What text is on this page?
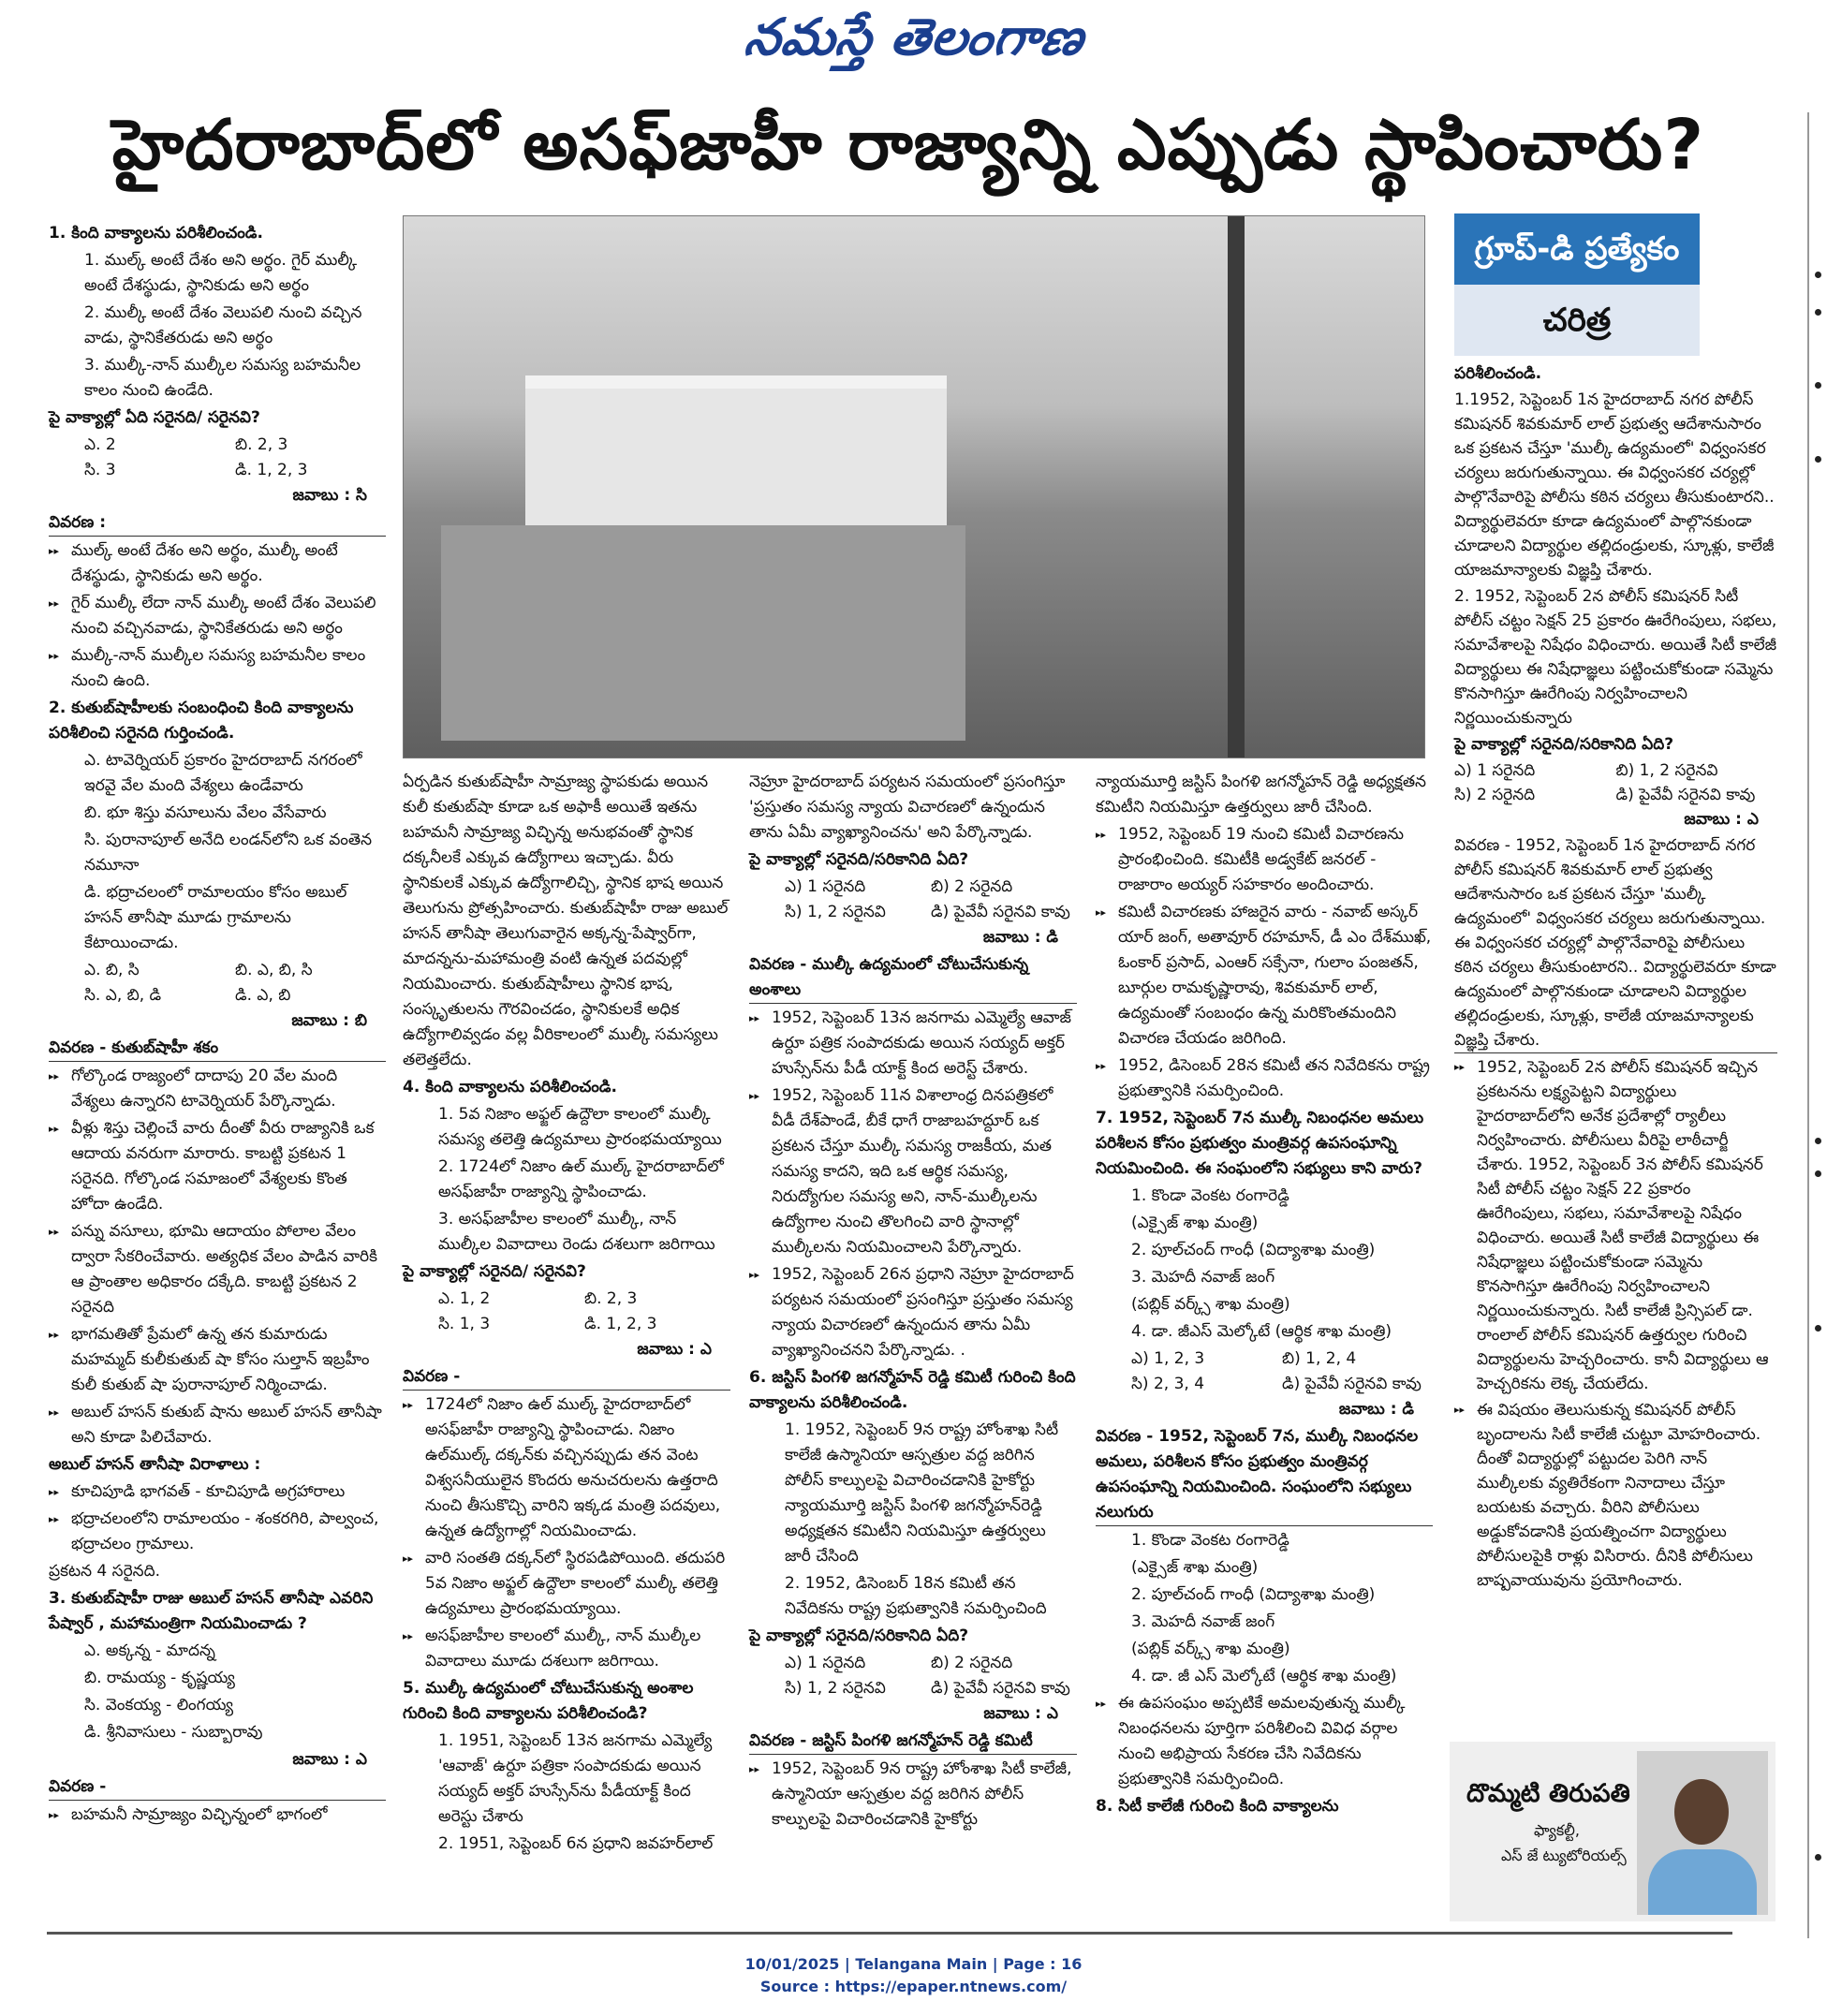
నమస్తే తెలంగాణ
హైదరాబాద్‌లో అసఫ్‌జాహీ రాజ్యాన్ని ఎప్పుడు స్థాపించారు?

1. కింది వాక్యాలను పరిశీలించండి.

1. ముల్క్ అంటే దేశం అని అర్థం. గైర్ ముల్కీ అంటే దేశస్థుడు, స్థానికుడు అని అర్థం

2. ముల్కీ అంటే దేశం వెలుపలి నుంచి వచ్చిన వాడు, స్థానికేతరుడు అని అర్థం

3. ముల్కీ-నాన్ ముల్కీల సమస్య బహమనీల కాలం నుంచి ఉండేది.

పై వాక్యాల్లో ఏది సరైనది/ సరైనవి?

ఎ. 2	బి. 2, 3
సి. 3	డి. 1, 2, 3

జవాబు : సి

వివరణ :

▸▸ ముల్క్ అంటే దేశం అని అర్థం, ముల్కీ అంటే దేశస్థుడు, స్థానికుడు అని అర్థం.

▸▸ గైర్ ముల్కీ లేదా నాన్ ముల్కీ అంటే దేశం వెలుపలి నుంచి వచ్చినవాడు, స్థానికేతరుడు అని అర్థం

▸▸ ముల్కీ-నాన్ ముల్కీల సమస్య బహమనీల కాలం నుంచి ఉంది.

2. కుతుబ్‌షాహీలకు సంబంధించి కింది వాక్యాలను పరిశీలించి సరైనది గుర్తించండి.

ఎ. టావెర్నియర్ ప్రకారం హైదరాబాద్ నగరంలో ఇరవై వేల మంది వేశ్యలు ఉండేవారు

బి. భూ శిస్తు వసూలును వేలం వేసేవారు

సి. పురానాపూల్ అనేది లండన్‌లోని ఒక వంతెన నమూనా

డి. భద్రాచలంలో రామాలయం కోసం అబుల్ హసన్ తానీషా మూడు గ్రామాలను కేటాయించాడు.

ఎ. బి, సి	బి. ఎ, బి, సి
సి. ఎ, బి, డి	డి. ఎ, బి

జవాబు : బి

వివరణ - కుతుబ్‌షాహీ శకం

▸▸ గోల్కొండ రాజ్యంలో దాదాపు 20 వేల మంది వేశ్యలు ఉన్నారని టావెర్నియర్ పేర్కొన్నాడు.

▸▸ వీళ్లు శిస్తు చెల్లించే వారు దీంతో వీరు రాజ్యానికి ఒక ఆదాయ వనరుగా మారారు. కాబట్టి ప్రకటన 1 సరైనది. గోల్కొండ సమాజంలో వేశ్యలకు కొంత హోదా ఉండేది.

▸▸ పన్ను వసూలు, భూమి ఆదాయం పోలాల వేలం ద్వారా సేకరించేవారు. అత్యధిక వేలం పాడిన వారికి ఆ ప్రాంతాల అధికారం దక్కేది. కాబట్టి ప్రకటన 2 సరైనది

▸▸ భాగమతితో ప్రేమలో ఉన్న తన కుమారుడు మహమ్మద్ కులీకుతుబ్ షా కోసం సుల్తాన్ ఇబ్రహీం కులీ కుతుబ్ షా పురానాపూల్ నిర్మించాడు.

▸▸ అబుల్ హసన్ కుతుబ్ షాను అబుల్ హసన్ తానీషా అని కూడా పిలిచేవారు.

అబుల్ హసన్ తానీషా విరాళాలు :

▸▸ కూచిపూడి భాగవత్ - కూచిపూడి అగ్రహారాలు

▸▸ భద్రాచలంలోని రామాలయం - శంకరగిరి, పాల్వంచ, భద్రాచలం గ్రామాలు.

ప్రకటన 4 సరైనది.

3. కుతుబ్‌షాహీ రాజు అబుల్ హసన్ తానీషా ఎవరిని పేష్వార్ , మహామంత్రిగా నియమించాడు ?

ఎ. అక్కన్న - మాదన్న

బి. రామయ్య - కృష్ణయ్య

సి. వెంకయ్య - లింగయ్య

డి. శ్రీనివాసులు - సుబ్బారావు

జవాబు : ఎ

వివరణ -

▸▸ బహమనీ సామ్రాజ్యం విచ్ఛిన్నంలో భాగంలో

గ్రూప్-డి ప్రత్యేకం
చరిత్ర

ఏర్పడిన కుతుబ్‌షాహీ సామ్రాజ్య స్థాపకుడు అయిన కులీ కుతుబ్‌షా కూడా ఒక అఫాకీ అయితే ఇతను బహమనీ సామ్రాజ్య విచ్ఛిన్న అనుభవంతో స్థానిక దక్కనీలకే ఎక్కువ ఉద్యోగాలు ఇచ్చాడు. వీరు స్థానికులకే ఎక్కువ ఉద్యోగాలిచ్చి, స్థానిక భాష అయిన తెలుగును ప్రోత్సహించారు. కుతుబ్‌షాహీ రాజు అబుల్ హసన్ తానీషా తెలుగువారైన అక్కన్న-పేష్వార్‌గా, మాదన్నను-మహామంత్రి వంటి ఉన్నత పదవుల్లో నియమించారు. కుతుబ్‌షాహీలు స్థానిక భాష, సంస్కృతులను గౌరవించడం, స్థానికులకే అధిక ఉద్యోగాలివ్వడం వల్ల వీరికాలంలో ముల్కీ సమస్యలు తలెత్తలేదు.

4. కింది వాక్యాలను పరిశీలించండి.

1. 5వ నిజాం అఫ్జల్ ఉద్దౌలా కాలంలో ముల్కీ సమస్య తలెత్తి ఉద్యమాలు ప్రారంభమయ్యాయి

2. 1724లో నిజాం ఉల్ ముల్క్ హైదరాబాద్‌లో అసఫ్‌జాహీ రాజ్యాన్ని స్థాపించాడు.

3. అసఫ్‌జాహీల కాలంలో ముల్కీ, నాన్ ముల్కీల వివాదాలు రెండు దశలుగా జరిగాయి

పై వాక్యాల్లో సరైనది/ సరైనవి?

ఎ. 1, 2	బి. 2, 3
సి. 1, 3	డి. 1, 2, 3

జవాబు : ఎ

వివరణ -

▸▸ 1724లో నిజాం ఉల్ ముల్క్ హైదరాబాద్‌లో అసఫ్‌జాహీ రాజ్యాన్ని స్థాపించాడు. నిజాం ఉల్‌ముల్క్ దక్కన్‌కు వచ్చినప్పుడు తన వెంట విశ్వసనీయులైన కొందరు అనుచరులను ఉత్తరాది నుంచి తీసుకొచ్చి వారిని ఇక్కడ మంత్రి పదవులు, ఉన్నత ఉద్యోగాల్లో నియమించాడు.

▸▸ వారి సంతతి దక్కన్‌లో స్థిరపడిపోయింది. తదుపరి 5వ నిజాం అఫ్జల్ ఉద్దౌలా కాలంలో ముల్కీ తలెత్తి ఉద్యమాలు ప్రారంభమయ్యాయి.

▸▸ అసఫ్‌జాహీల కాలంలో ముల్కీ, నాన్ ముల్కీల వివాదాలు మూడు దశలుగా జరిగాయి.

5. ముల్కీ ఉద్యమంలో చోటుచేసుకున్న అంశాల గురించి కింది వాక్యాలను పరిశీలించండి?

1. 1951, సెప్టెంబర్ 13న జనగామ ఎమ్మెల్యే 'ఆవాజ్' ఉర్దూ పత్రికా సంపాదకుడు అయిన సయ్యద్ అక్తర్ హుస్సేన్‌ను పీడీయాక్ట్ కింద అరెస్టు చేశారు

2. 1951, సెప్టెంబర్ 6న ప్రధాని జవహర్‌లాల్

నెహ్రూ హైదరాబాద్ పర్యటన సమయంలో ప్రసంగిస్తూ 'ప్రస్తుతం సమస్య న్యాయ విచారణలో ఉన్నందున తాను ఏమీ వ్యాఖ్యానించను' అని పేర్కొన్నాడు.

పై వాక్యాల్లో సరైనది/సరికానిది ఏది?

ఎ) 1 సరైనది	బి) 2 సరైనది
సి) 1, 2 సరైనవి	డి) పైవేవీ సరైనవి కావు

జవాబు : డి

వివరణ - ముల్కీ ఉద్యమంలో చోటుచేసుకున్న అంశాలు

▸▸ 1952, సెప్టెంబర్ 13న జనగామ ఎమ్మెల్యే ఆవాజ్ ఉర్దూ పత్రిక సంపాదకుడు అయిన సయ్యద్ అక్తర్ హుస్సేన్‌ను పీడీ యాక్ట్ కింద అరెస్ట్ చేశారు.

▸▸ 1952, సెప్టెంబర్ 11న విశాలాంధ్ర దినపత్రికలో వీడీ దేశ్‌పాండే, బీకే ధాగే రాజాబహద్దూర్ ఒక ప్రకటన చేస్తూ ముల్కీ సమస్య రాజకీయ, మత సమస్య కాదని, ఇది ఒక ఆర్థిక సమస్య, నిరుద్యోగుల సమస్య అని, నాన్-ముల్కీలను ఉద్యోగాల నుంచి తొలగించి వారి స్థానాల్లో ముల్కీలను నియమించాలని పేర్కొన్నారు.

▸▸ 1952, సెప్టెంబర్ 26న ప్రధాని నెహ్రూ హైదరాబాద్ పర్యటన సమయంలో ప్రసంగిస్తూ ప్రస్తుతం సమస్య న్యాయ విచారణలో ఉన్నందున తాను ఏమీ వ్యాఖ్యానించనని పేర్కొన్నాడు. .

6. జస్టిస్ పింగళి జగన్మోహన్ రెడ్డి కమిటీ గురించి కింది వాక్యాలను పరిశీలించండి.

1. 1952, సెప్టెంబర్ 9న రాష్ట్ర హోంశాఖ సిటీ కాలేజీ ఉస్మానియా ఆస్పత్రుల వద్ద జరిగిన పోలీస్ కాల్పులపై విచారించడానికి హైకోర్టు న్యాయమూర్తి జస్టిస్ పింగళి జగన్మోహన్‌రెడ్డి అధ్యక్షతన కమిటీని నియమిస్తూ ఉత్తర్వులు జారీ చేసింది

2. 1952, డిసెంబర్ 18న కమిటీ తన నివేదికను రాష్ట్ర ప్రభుత్వానికి సమర్పించింది

పై వాక్యాల్లో సరైనది/సరికానిది ఏది?

ఎ) 1 సరైనది	బి) 2 సరైనది
సి) 1, 2 సరైనవి	డి) పైవేవీ సరైనవి కావు

జవాబు : ఎ

వివరణ - జస్టిస్ పింగళి జగన్మోహన్ రెడ్డి కమిటీ

▸▸ 1952, సెప్టెంబర్ 9న రాష్ట్ర హోంశాఖ సిటీ కాలేజీ, ఉస్మానియా ఆస్పత్రుల వద్ద జరిగిన పోలీస్ కాల్పులపై విచారించడానికి హైకోర్టు

న్యాయమూర్తి జస్టిస్ పింగళి జగన్మోహన్ రెడ్డి అధ్యక్షతన కమిటీని నియమిస్తూ ఉత్తర్వులు జారీ చేసింది.

▸▸ 1952, సెప్టెంబర్ 19 నుంచి కమిటీ విచారణను ప్రారంభించింది. కమిటీకి అడ్వకేట్ జనరల్ - రాజారాం అయ్యర్ సహకారం అందించారు.

▸▸ కమిటీ విచారణకు హాజరైన వారు - నవాబ్ అస్కర్ యార్ జంగ్, అతావూర్ రహమాన్, డీ ఎం దేశ్‌ముఖ్, ఓంకార్ ప్రసాద్, ఎంఆర్ సక్సేనా, గులాం పంజతన్, బూర్గుల రామకృష్ణారావు, శివకుమార్ లాల్, ఉద్యమంతో సంబంధం ఉన్న మరికొంతమందిని విచారణ చేయడం జరిగింది.

▸▸ 1952, డిసెంబర్ 28న కమిటీ తన నివేదికను రాష్ట్ర ప్రభుత్వానికి సమర్పించింది.

7. 1952, సెప్టెంబర్ 7న ముల్కీ నిబంధనల అమలు పరిశీలన కోసం ప్రభుత్వం మంత్రివర్గ ఉపసంఘాన్ని నియమించింది. ఈ సంఘంలోని సభ్యులు కాని వారు?

1. కొండా వెంకట రంగారెడ్డి

(ఎక్సైజ్ శాఖ మంత్రి)

2. పూల్‌చంద్ గాంధీ (విద్యాశాఖ మంత్రి)

3. మెహదీ నవాజ్ జంగ్

(పబ్లిక్ వర్క్స్ శాఖ మంత్రి)

4. డా. జీఎస్ మెల్కోటే (ఆర్థిక శాఖ మంత్రి)

ఎ) 1, 2, 3	బి) 1, 2, 4
సి) 2, 3, 4	డి) పైవేవీ సరైనవి కావు

జవాబు : డి

వివరణ - 1952, సెప్టెంబర్ 7న, ముల్కీ నిబంధనల అమలు, పరిశీలన కోసం ప్రభుత్వం మంత్రివర్గ ఉపసంఘాన్ని నియమించింది. సంఘంలోని సభ్యులు నలుగురు

1. కొండా వెంకట రంగారెడ్డి

(ఎక్సైజ్ శాఖ మంత్రి)

2. పూల్‌చంద్ గాంధీ (విద్యాశాఖ మంత్రి)

3. మెహదీ నవాజ్ జంగ్

(పబ్లిక్ వర్క్స్ శాఖ మంత్రి)

4. డా. జీ ఎస్ మెల్కోటే (ఆర్థిక శాఖ మంత్రి)

▸▸ ఈ ఉపసంఘం అప్పటికే అమలవుతున్న ముల్కీ నిబంధనలను పూర్తిగా పరిశీలించి వివిధ వర్గాల నుంచి అభిప్రాయ సేకరణ చేసి నివేదికను ప్రభుత్వానికి సమర్పించింది.

8. సిటీ కాలేజీ గురించి కింది వాక్యాలను

పరిశీలించండి.

1.1952, సెప్టెంబర్ 1న హైదరాబాద్ నగర పోలీస్ కమిషనర్ శివకుమార్ లాల్ ప్రభుత్వ ఆదేశానుసారం ఒక ప్రకటన చేస్తూ 'ముల్కీ ఉద్యమంలో' విధ్వంసకర చర్యలు జరుగుతున్నాయి. ఈ విధ్వంసకర చర్యల్లో పాల్గొనేవారిపై పోలీసు కఠిన చర్యలు తీసుకుంటారని.. విద్యార్థులెవరూ కూడా ఉద్యమంలో పాల్గొనకుండా చూడాలని విద్యార్థుల తల్లిదండ్రులకు, స్కూళ్లు, కాలేజీ యాజమాన్యాలకు విజ్ఞప్తి చేశారు.

2. 1952, సెప్టెంబర్ 2న పోలీస్ కమిషనర్ సిటీ పోలీస్ చట్టం సెక్షన్ 25 ప్రకారం ఊరేగింపులు, సభలు, సమావేశాలపై నిషేధం విధించారు. అయితే సిటీ కాలేజీ విద్యార్థులు ఈ నిషేధాజ్ఞలు పట్టించుకోకుండా సమ్మెను కొనసాగిస్తూ ఊరేగింపు నిర్వహించాలని నిర్ణయించుకున్నారు

పై వాక్యాల్లో సరైనది/సరికానిది ఏది?

ఎ) 1 సరైనది	బి) 1, 2 సరైనవి
సి) 2 సరైనది	డి) పైవేవీ సరైనవి కావు

జవాబు : ఎ

వివరణ - 1952, సెప్టెంబర్ 1న హైదరాబాద్ నగర పోలీస్ కమిషనర్ శివకుమార్ లాల్ ప్రభుత్వ ఆదేశానుసారం ఒక ప్రకటన చేస్తూ 'ముల్కీ ఉద్యమంలో' విధ్వంసకర చర్యలు జరుగుతున్నాయి. ఈ విధ్వంసకర చర్యల్లో పాల్గొనేవారిపై పోలీసులు కఠిన చర్యలు తీసుకుంటారని.. విద్యార్థులెవరూ కూడా ఉద్యమంలో పాల్గొనకుండా చూడాలని విద్యార్థుల తల్లిదండ్రులకు, స్కూళ్లు, కాలేజీ యాజమాన్యాలకు విజ్ఞప్తి చేశారు.

▸▸ 1952, సెప్టెంబర్ 2న పోలీస్ కమిషనర్ ఇచ్చిన ప్రకటనను లక్ష్యపెట్టని విద్యార్థులు హైదరాబాద్‌లోని అనేక ప్రదేశాల్లో ర్యాలీలు నిర్వహించారు. పోలీసులు వీరిపై లాఠీచార్జీ చేశారు. 1952, సెప్టెంబర్ 3న పోలీస్ కమిషనర్ సిటీ పోలీస్ చట్టం సెక్షన్ 22 ప్రకారం ఊరేగింపులు, సభలు, సమావేశాలపై నిషేధం విధించారు. అయితే సిటీ కాలేజీ విద్యార్థులు ఈ నిషేధాజ్ఞలు పట్టించుకోకుండా సమ్మెను కొనసాగిస్తూ ఊరేగింపు నిర్వహించాలని నిర్ణయించుకున్నారు. సిటీ కాలేజీ ప్రిన్సిపల్ డా. రాంలాల్ పోలీస్ కమిషనర్ ఉత్తర్వుల గురించి విద్యార్థులను హెచ్చరించారు. కానీ విద్యార్థులు ఆ హెచ్చరికను లెక్క చేయలేదు.

▸▸ ఈ విషయం తెలుసుకున్న కమిషనర్ పోలీస్ బృందాలను సిటీ కాలేజీ చుట్టూ మోహరించారు. దీంతో విద్యార్థుల్లో పట్టుదల పెరిగి నాన్ ముల్కీలకు వ్యతిరేకంగా నినాదాలు చేస్తూ బయటకు వచ్చారు. వీరిని పోలీసులు అడ్డుకోవడానికి ప్రయత్నించగా విద్యార్థులు పోలీసులపైకి రాళ్లు విసిరారు. దీనికి పోలీసులు బాష్పవాయువును ప్రయోగించారు.

దొమ్మటి తిరుపతి
ఫ్యాకల్టీ,
ఎస్ జే ట్యుటోరియల్స్
10/01/2025 | Telangana Main | Page : 16
Source : https://epaper.ntnews.com/
